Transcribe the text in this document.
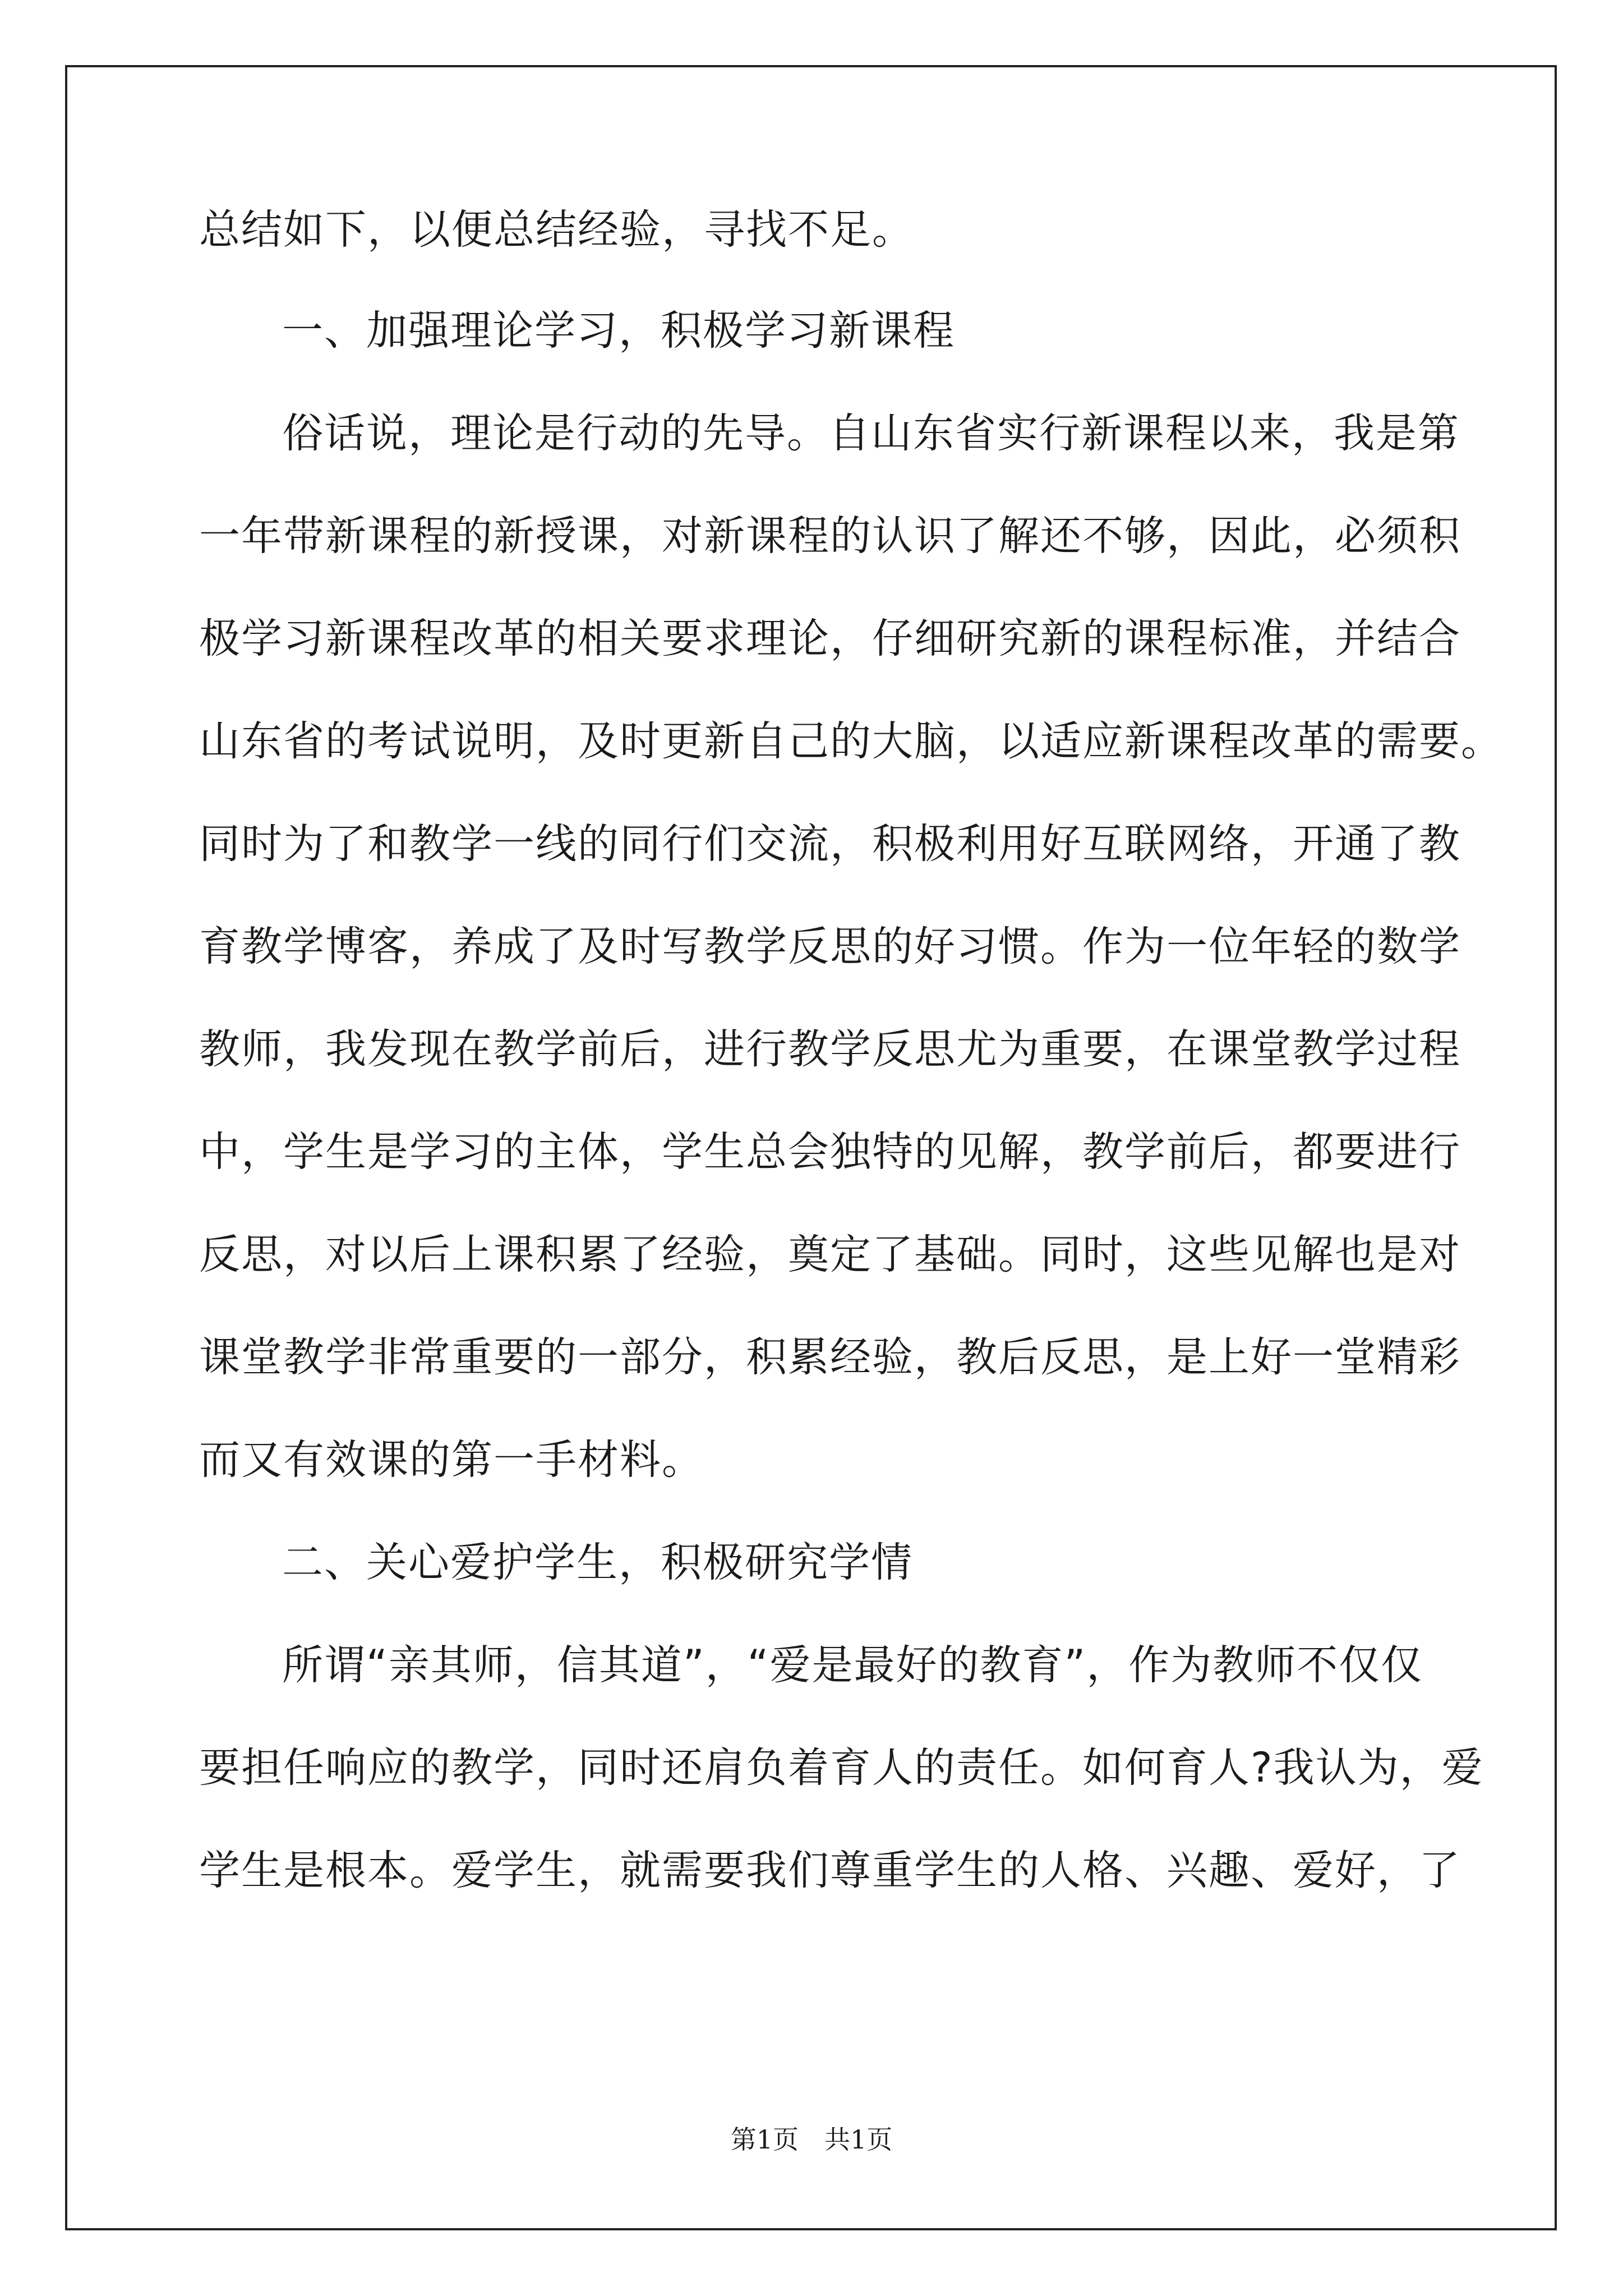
总结如下，以便总结经验，寻找不足。
一、加强理论学习，积极学习新课程
俗话说，理论是行动的先导。自山东省实行新课程以来，我是第
一年带新课程的新授课，对新课程的认识了解还不够，因此，必须积
极学习新课程改革的相关要求理论，仔细研究新的课程标准，并结合
山东省的考试说明，及时更新自己的大脑，以适应新课程改革的需要。
同时为了和教学一线的同行们交流，积极利用好互联网络，开通了教
育教学博客，养成了及时写教学反思的好习惯。作为一位年轻的数学
教师，我发现在教学前后，进行教学反思尤为重要，在课堂教学过程
中，学生是学习的主体，学生总会独特的见解，教学前后，都要进行
反思，对以后上课积累了经验，奠定了基础。同时，这些见解也是对
课堂教学非常重要的一部分，积累经验，教后反思，是上好一堂精彩
而又有效课的第一手材料。
二、关心爱护学生，积极研究学情
所谓“亲其师，信其道”，“爱是最好的教育”，作为教师不仅仅
要担任响应的教学，同时还肩负着育人的责任。如何育人?我认为，爱
学生是根本。爱学生，就需要我们尊重学生的人格、兴趣、爱好，了
第1页　共1页
